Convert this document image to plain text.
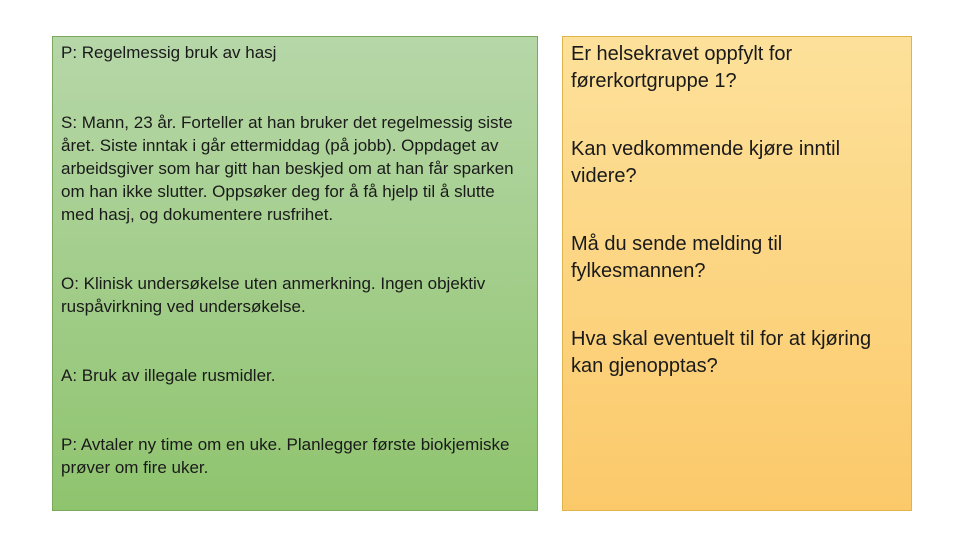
P: Regelmessig bruk av hasj

S: Mann, 23 år. Forteller at han bruker det regelmessig siste året. Siste inntak i går ettermiddag (på jobb). Oppdaget av arbeidsgiver som har gitt han beskjed om at han får sparken om han ikke slutter. Oppsøker deg for å få hjelp til å slutte med hasj, og dokumentere rusfrihet.

O: Klinisk undersøkelse uten anmerkning. Ingen objektiv ruspåvirkning ved undersøkelse.

A: Bruk av illegale rusmidler.

P: Avtaler ny time om en uke. Planlegger første biokjemiske prøver om fire uker.

Er helsekravet oppfylt for førerkortgruppe 1?

Kan vedkommende kjøre inntil videre?

Må du sende melding til fylkesmannen?

Hva skal eventuelt til for at kjøring kan gjenopptas?
